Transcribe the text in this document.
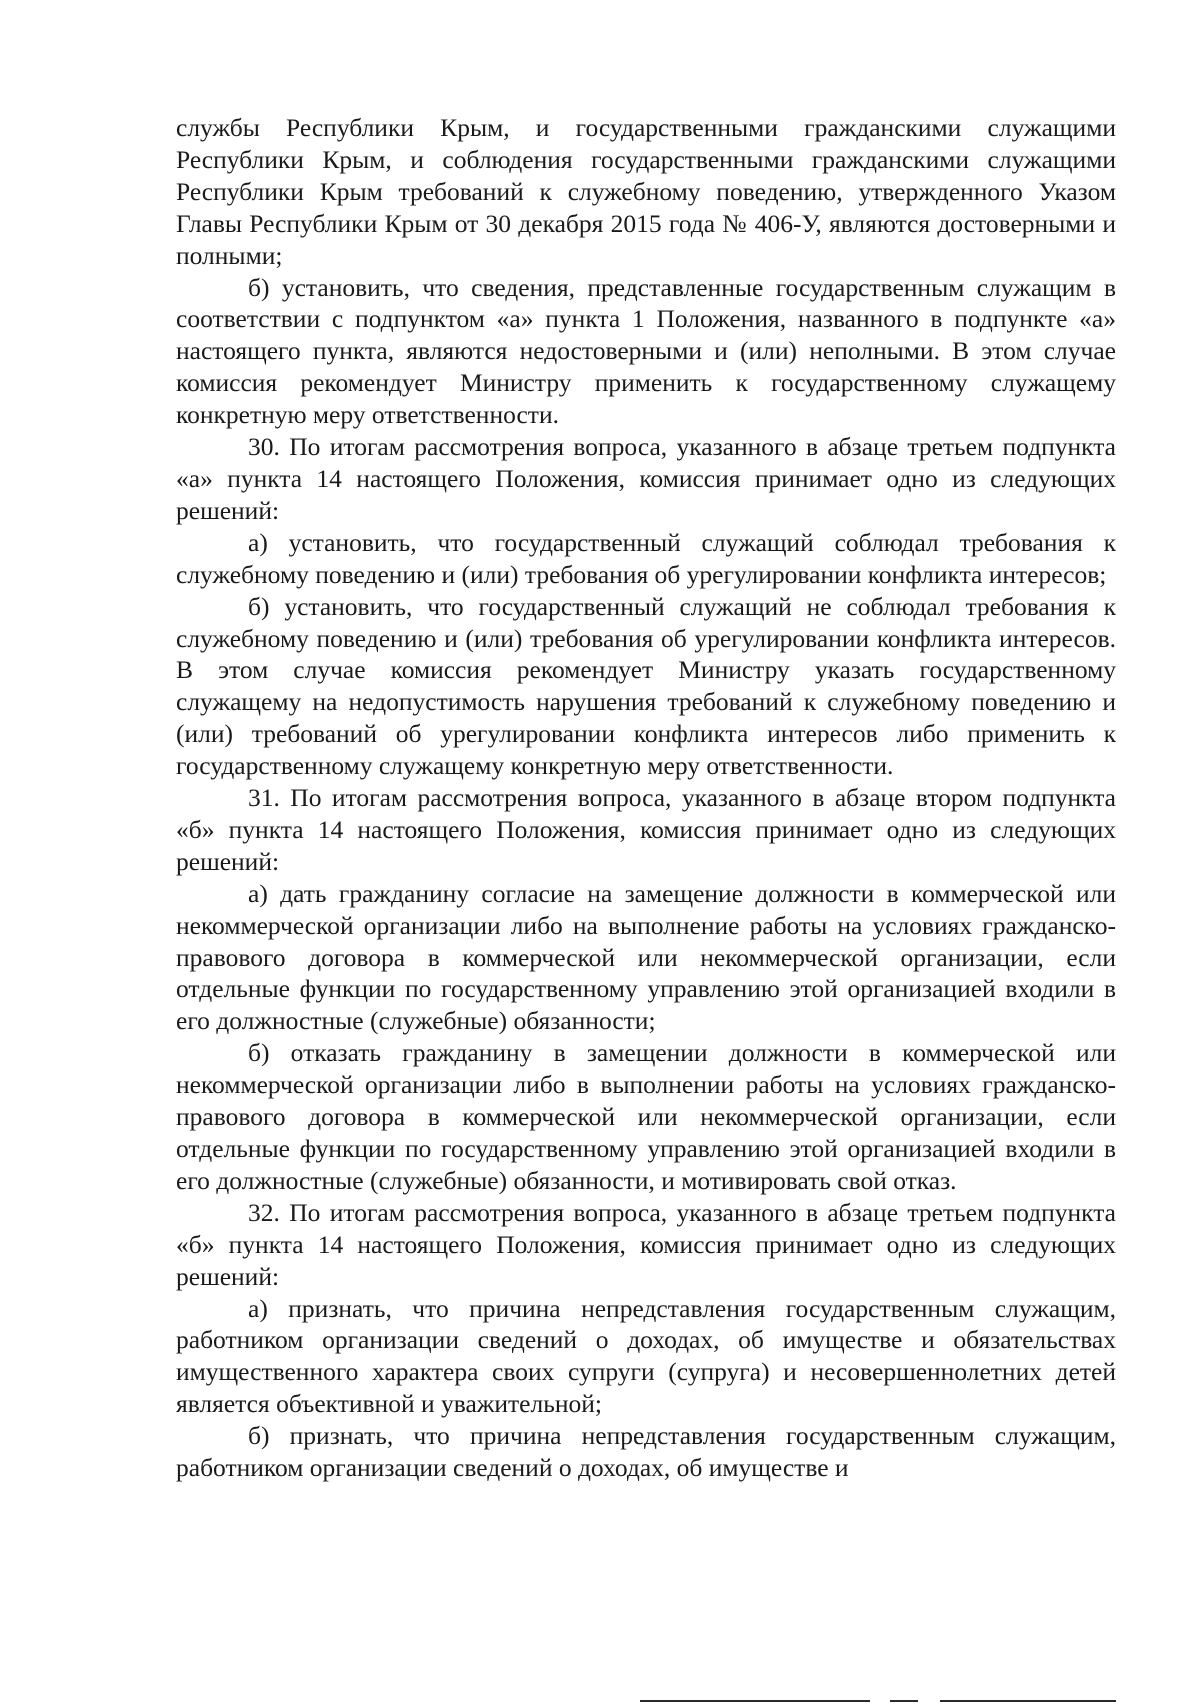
службы Республики Крым, и государственными гражданскими служащими Республики Крым, и соблюдения государственными гражданскими служащими Республики Крым требований к служебному поведению, утвержденного Указом Главы Республики Крым от 30 декабря 2015 года № 406-У, являются достоверными и полными;

б) установить, что сведения, представленные государственным служащим в соответствии с подпунктом «а» пункта 1 Положения, названного в подпункте «а» настоящего пункта, являются недостоверными и (или) неполными. В этом случае комиссия рекомендует Министру применить к государственному служащему конкретную меру ответственности.

30. По итогам рассмотрения вопроса, указанного в абзаце третьем подпункта «а» пункта 14 настоящего Положения, комиссия принимает одно из следующих решений:

а) установить, что государственный служащий соблюдал требования к служебному поведению и (или) требования об урегулировании конфликта интересов;

б) установить, что государственный служащий не соблюдал требования к служебному поведению и (или) требования об урегулировании конфликта интересов. В этом случае комиссия рекомендует Министру указать государственному служащему на недопустимость нарушения требований к служебному поведению и (или) требований об урегулировании конфликта интересов либо применить к государственному служащему конкретную меру ответственности.

31. По итогам рассмотрения вопроса, указанного в абзаце втором подпункта «б» пункта 14 настоящего Положения, комиссия принимает одно из следующих решений:

а) дать гражданину согласие на замещение должности в коммерческой или некоммерческой организации либо на выполнение работы на условиях гражданско-правового договора в коммерческой или некоммерческой организации, если отдельные функции по государственному управлению этой организацией входили в его должностные (служебные) обязанности;

б) отказать гражданину в замещении должности в коммерческой или некоммерческой организации либо в выполнении работы на условиях гражданско-правового договора в коммерческой или некоммерческой организации, если отдельные функции по государственному управлению этой организацией входили в его должностные (служебные) обязанности, и мотивировать свой отказ.

32. По итогам рассмотрения вопроса, указанного в абзаце третьем подпункта «б» пункта 14 настоящего Положения, комиссия принимает одно из следующих решений:

а) признать, что причина непредставления государственным служащим, работником организации сведений о доходах, об имуществе и обязательствах имущественного характера своих супруги (супруга) и несовершеннолетних детей является объективной и уважительной;

б) признать, что причина непредставления государственным служащим, работником организации сведений о доходах, об имуществе и
